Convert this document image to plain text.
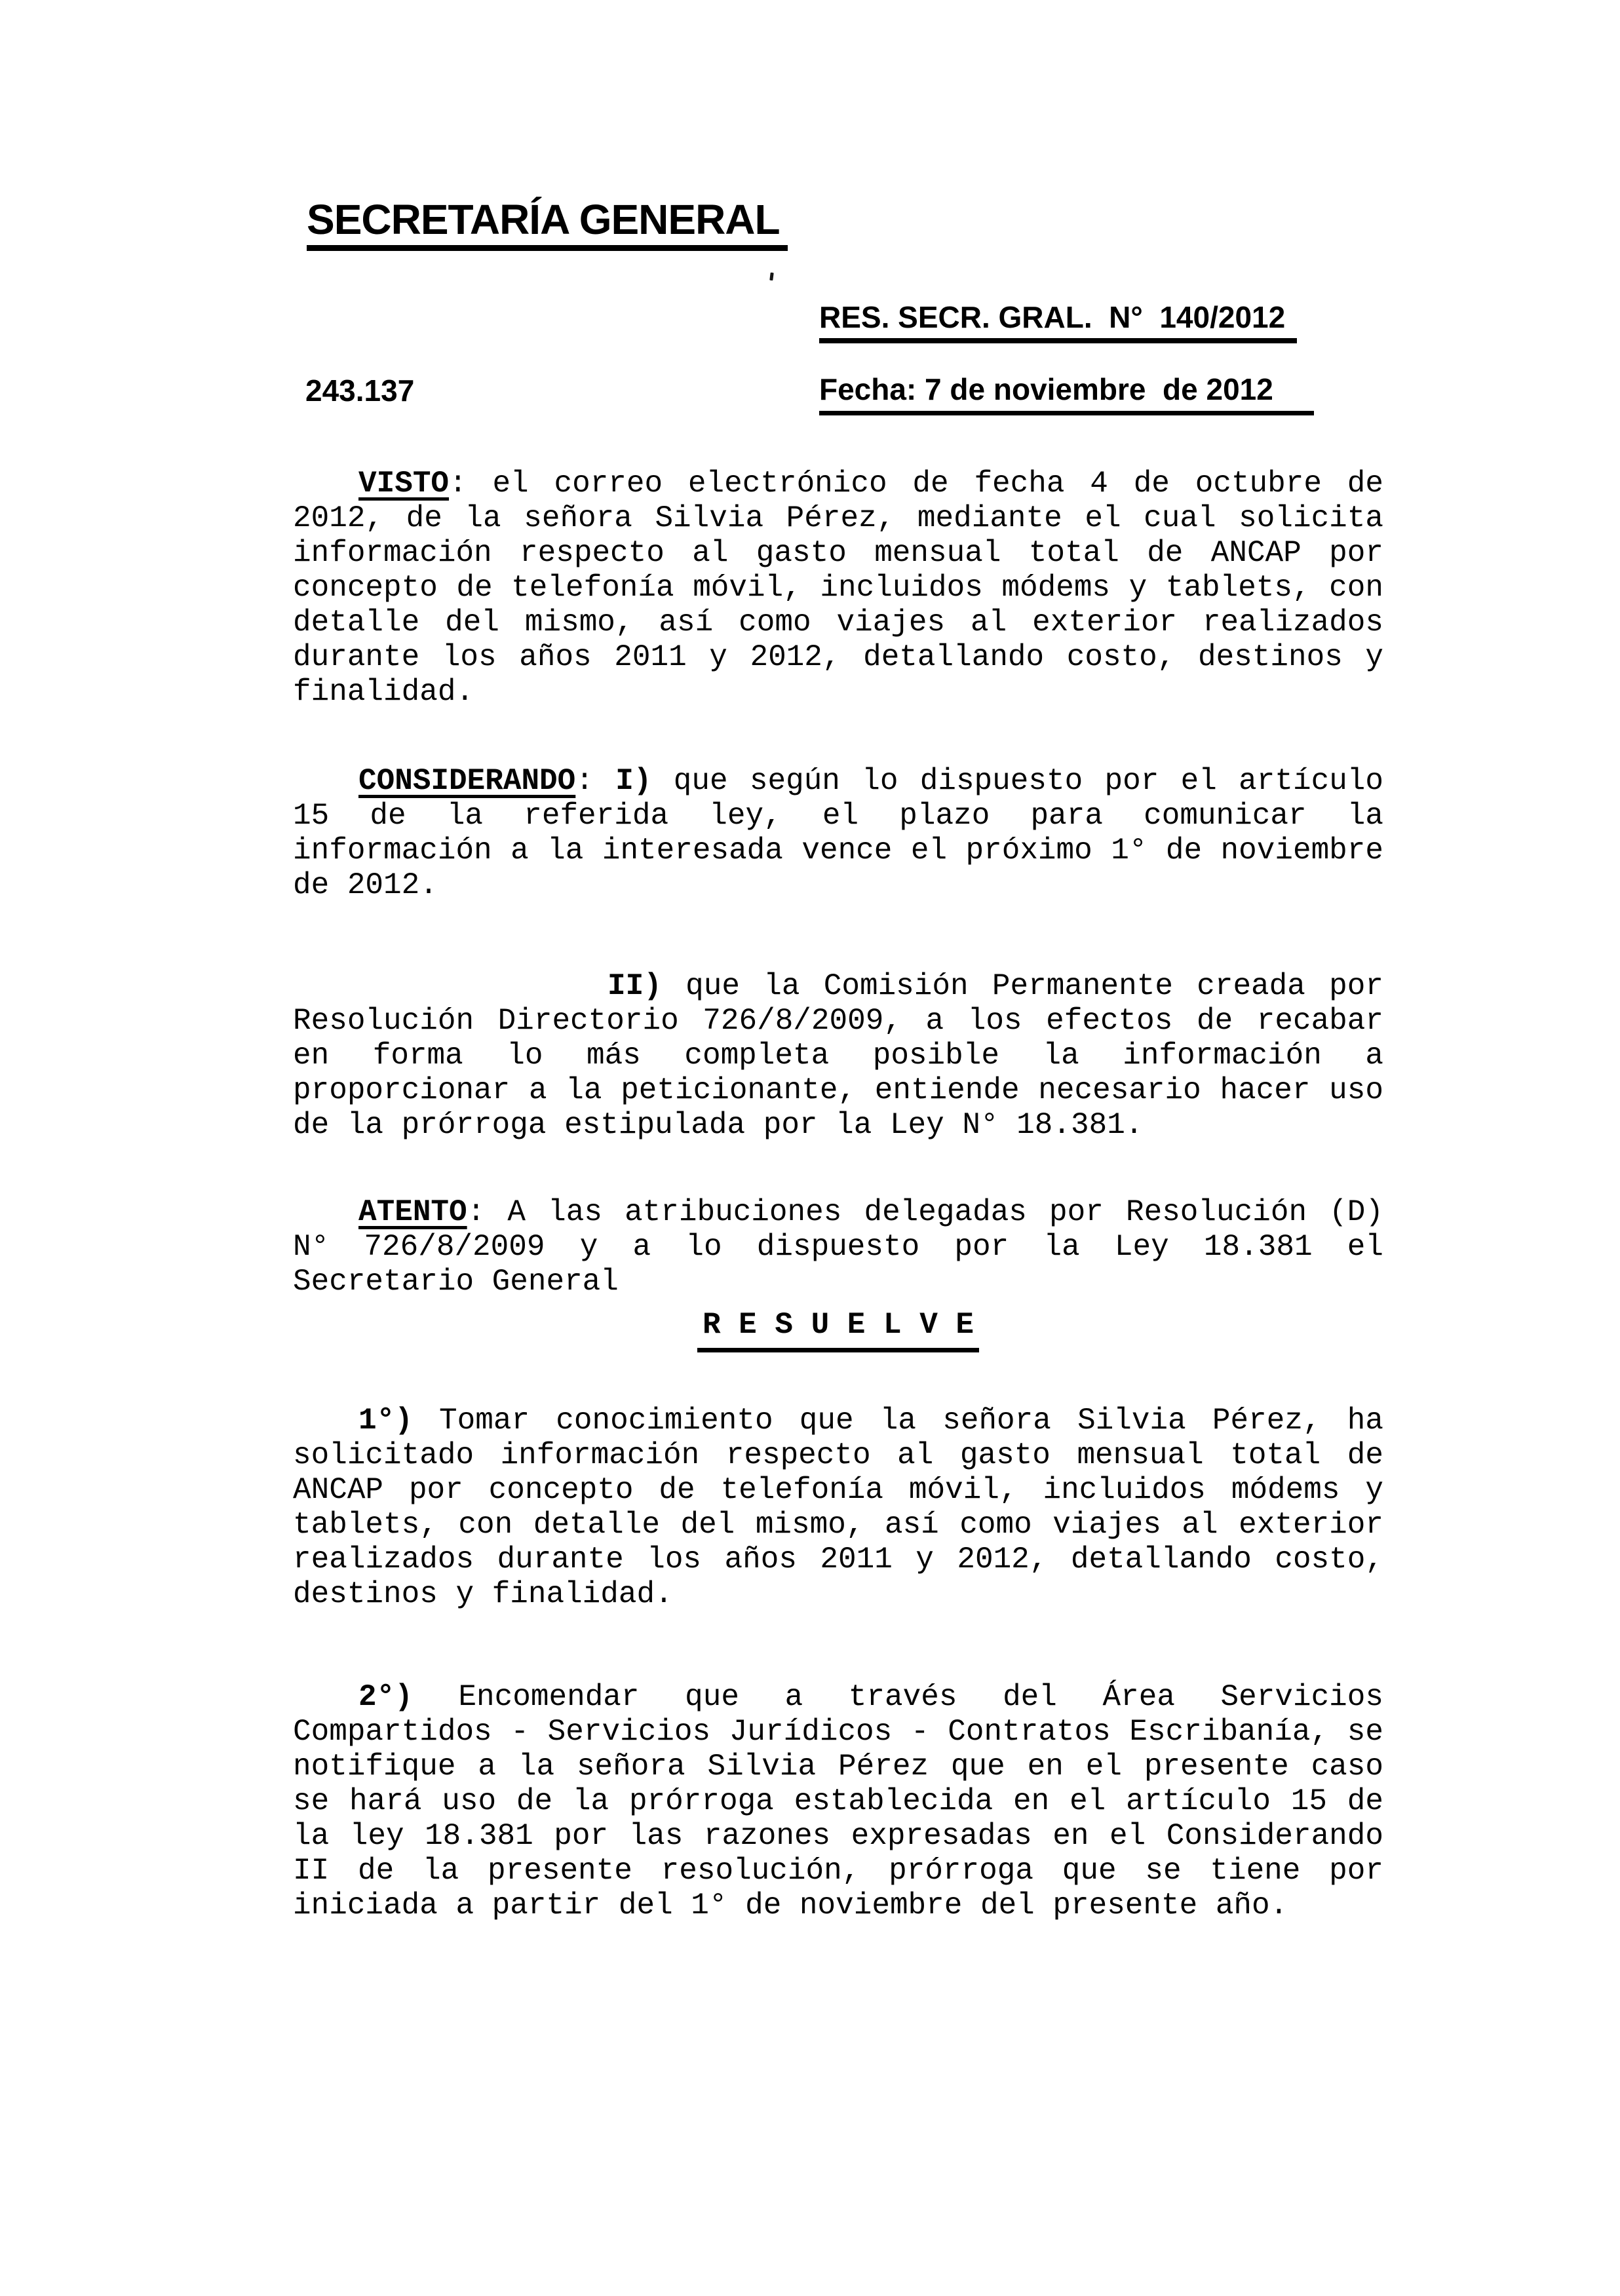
SECRETARÍA GENERAL
RES. SECR. GRAL.  N°  140/2012
243.137	Fecha: 7 de noviembre  de 2012

VISTO: el correo electrónico de fecha 4 de octubre de 2012, de la señora Silvia Pérez, mediante el cual solicita información respecto al gasto mensual total de ANCAP por concepto de telefonía móvil, incluidos módems y tablets, con detalle del mismo, así como viajes al exterior realizados durante los años 2011 y 2012, detallando costo, destinos y finalidad.

CONSIDERANDO: I) que según lo dispuesto por el artículo 15 de la referida ley, el plazo para comunicar la información a la interesada vence el próximo 1° de noviembre de 2012.

II) que la Comisión Permanente creada por Resolución Directorio 726/8/2009, a los efectos de recabar en forma lo más completa posible la información a proporcionar a la peticionante, entiende necesario hacer uso de la prórroga estipulada por la Ley N° 18.381.

ATENTO: A las atribuciones delegadas por Resolución (D) N° 726/8/2009 y a lo dispuesto por la Ley 18.381 el Secretario General

R E S U E L V E

1°) Tomar conocimiento que la señora Silvia Pérez, ha solicitado información respecto al gasto mensual total de ANCAP por concepto de telefonía móvil, incluidos módems y tablets, con detalle del mismo, así como viajes al exterior realizados durante los años 2011 y 2012, detallando costo, destinos y finalidad.

2°) Encomendar que a través del Área Servicios Compartidos - Servicios Jurídicos - Contratos Escribanía, se notifique a la señora Silvia Pérez que en el presente caso se hará uso de la prórroga establecida en el artículo 15 de la ley 18.381 por las razones expresadas en el Considerando II de la presente resolución, prórroga que se tiene por iniciada a partir del 1° de noviembre del presente año.
